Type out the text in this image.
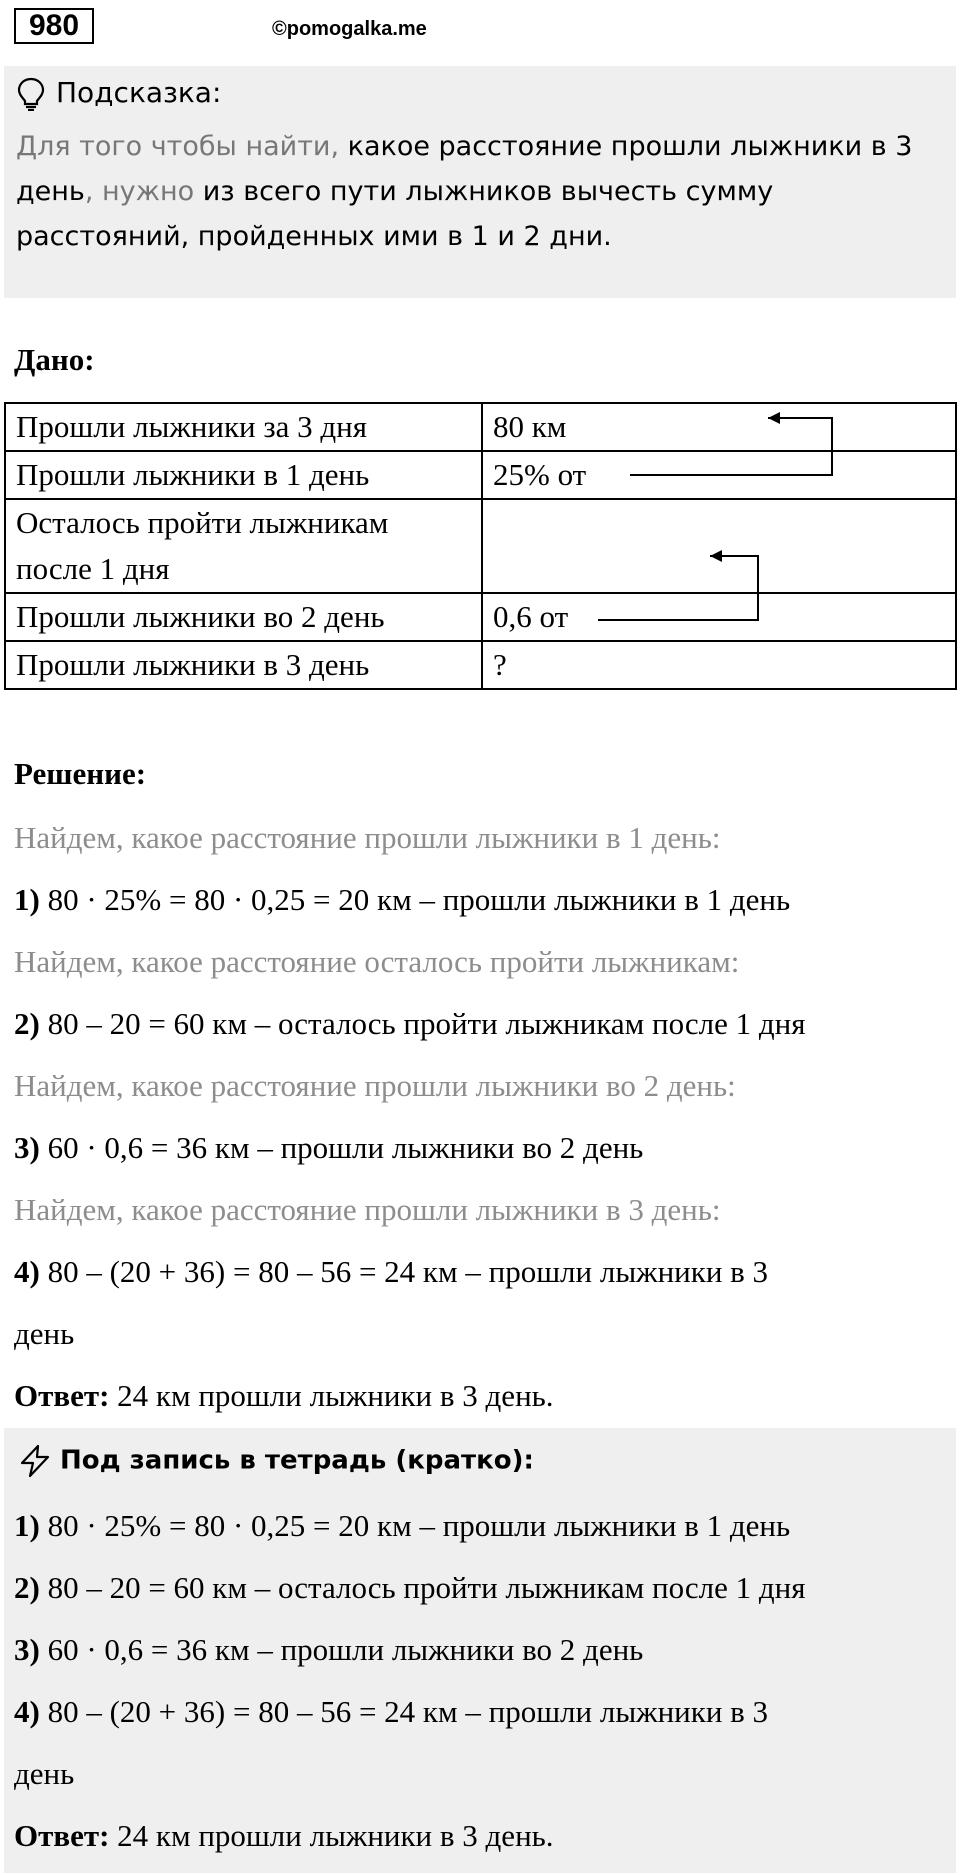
980	©pomogalka.me
Подсказка:
Для того чтобы найти, какое расстояние прошли лыжники в 3 день, нужно из всего пути лыжников вычесть сумму расстояний, пройденных ими в 1 и 2 дни.
Дано:
Прошли лыжники за 3 дня	80 км
Прошли лыжники в 1 день	25% от
Осталось пройти лыжникам после 1 дня	
Прошли лыжники во 2 день	0,6 от
Прошли лыжники в 3 день	?
Решение:
Найдем, какое расстояние прошли лыжники в 1 день:
1) 80 · 25% = 80 · 0,25 = 20 км – прошли лыжники в 1 день
Найдем, какое расстояние осталось пройти лыжникам:
2) 80 – 20 = 60 км – осталось пройти лыжникам после 1 дня
Найдем, какое расстояние прошли лыжники во 2 день:
3) 60 · 0,6 = 36 км – прошли лыжники во 2 день
Найдем, какое расстояние прошли лыжники в 3 день:
4) 80 – (20 + 36) = 80 – 56 = 24 км – прошли лыжники в 3
день
Ответ: 24 км прошли лыжники в 3 день.
Под запись в тетрадь (кратко):
1) 80 · 25% = 80 · 0,25 = 20 км – прошли лыжники в 1 день
2) 80 – 20 = 60 км – осталось пройти лыжникам после 1 дня
3) 60 · 0,6 = 36 км – прошли лыжники во 2 день
4) 80 – (20 + 36) = 80 – 56 = 24 км – прошли лыжники в 3
день
Ответ: 24 км прошли лыжники в 3 день.
